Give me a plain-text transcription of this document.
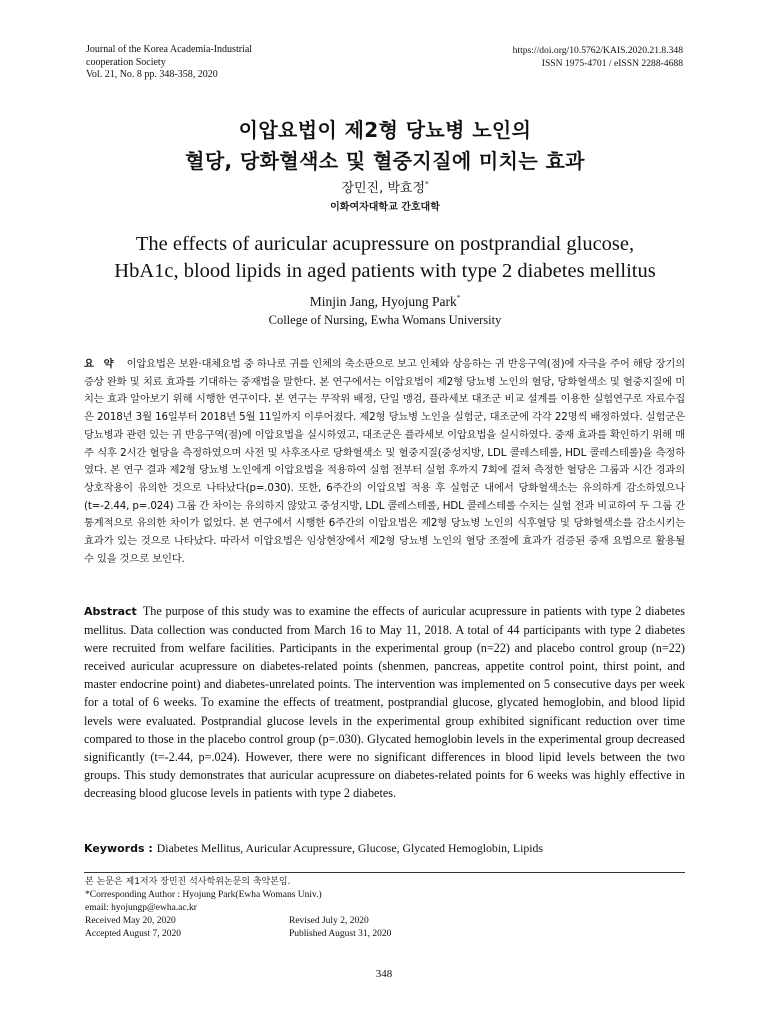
Journal of the Korea Academia-Industrial
cooperation Society
Vol. 21, No. 8 pp. 348-358, 2020
https://doi.org/10.5762/KAIS.2020.21.8.348
ISSN 1975-4701 / eISSN 2288-4688
이압요법이 제2형 당뇨병 노인의
혈당, 당화혈색소 및 혈중지질에 미치는 효과
장민진, 박효정*
이화여자대학교 간호대학
The effects of auricular acupressure on postprandial glucose,
HbA1c, blood lipids in aged patients with type 2 diabetes mellitus
Minjin Jang, Hyojung Park*
College of Nursing, Ewha Womans University
요 약 이압요법은 보완·대체요법 중 하나로 귀를 인체의 축소판으로 보고 인체와 상응하는 귀 반응구역(점)에 자극을 주어 해당 장기의 증상 완화 및 치료 효과를 기대하는 중재법을 말한다. 본 연구에서는 이압요법이 제2형 당뇨병 노인의 혈당, 당화혈색소 및 혈중지질에 미치는 효과 알아보기 위해 시행한 연구이다. 본 연구는 무작위 배정, 단일 맹검, 플라세보 대조군 비교 설계를 이용한 실험연구로 자료수집은 2018년 3월 16일부터 2018년 5월 11일까지 이루어졌다. 제2형 당뇨병 노인을 실험군, 대조군에 각각 22명씩 배정하였다. 실험군은 당뇨병과 관련 있는 귀 반응구역(점)에 이압요법을 실시하였고, 대조군은 플라세보 이압요법을 실시하였다. 중재 효과를 확인하기 위해 매주 식후 2시간 혈당을 측정하였으며 사전 및 사후조사로 당화혈색소 및 혈중지질(중성지방, LDL 콜레스테롤, HDL 콜레스테롤)을 측정하였다. 본 연구 결과 제2형 당뇨병 노인에게 이압요법을 적용하여 실험 전부터 실험 후까지 7회에 걸쳐 측정한 혈당은 그룹과 시간 경과의 상호작용이 유의한 것으로 나타났다(p=.030). 또한, 6주간의 이압요법 적용 후 실험군 내에서 당화혈색소는 유의하게 감소하였으나(t=-2.44, p=.024) 그룹 간 차이는 유의하지 않았고 중성지방, LDL 콜레스테롤, HDL 콜레스테롤 수치는 실험 전과 비교하여 두 그룹 간 통계적으로 유의한 차이가 없었다. 본 연구에서 시행한 6주간의 이압요법은 제2형 당뇨병 노인의 식후혈당 및 당화혈색소를 감소시키는 효과가 있는 것으로 나타났다. 따라서 이압요법은 임상현장에서 제2형 당뇨병 노인의 혈당 조절에 효과가 검증된 중재 요법으로 활용될 수 있을 것으로 보인다.
Abstract The purpose of this study was to examine the effects of auricular acupressure in patients with type 2 diabetes mellitus. Data collection was conducted from March 16 to May 11, 2018. A total of 44 participants with type 2 diabetes were recruited from welfare facilities. Participants in the experimental group (n=22) and placebo control group (n=22) received auricular acupressure on diabetes-related points (shenmen, pancreas, appetite control point, thirst point, and master endocrine point) and diabetes-unrelated points. The intervention was implemented on 5 consecutive days per week for a total of 6 weeks. To examine the effects of treatment, postprandial glucose, glycated hemoglobin, and blood lipid levels were evaluated. Postprandial glucose levels in the experimental group exhibited significant reduction over time compared to those in the placebo control group (p=.030). Glycated hemoglobin levels in the experimental group decreased significantly (t=-2.44, p=.024). However, there were no significant differences in blood lipid levels between the two groups. This study demonstrates that auricular acupressure on diabetes-related points for 6 weeks was highly effective in decreasing blood glucose levels in patients with type 2 diabetes.
Keywords : Diabetes Mellitus, Auricular Acupressure, Glucose, Glycated Hemoglobin, Lipids
본 논문은 제1저자 장민진 석사학위논문의 축약본임.
*Corresponding Author : Hyojung Park(Ewha Womans Univ.)
email: hyojungp@ewha.ac.kr
Received May 20, 2020	Revised July 2, 2020
Accepted August 7, 2020	Published August 31, 2020
348
